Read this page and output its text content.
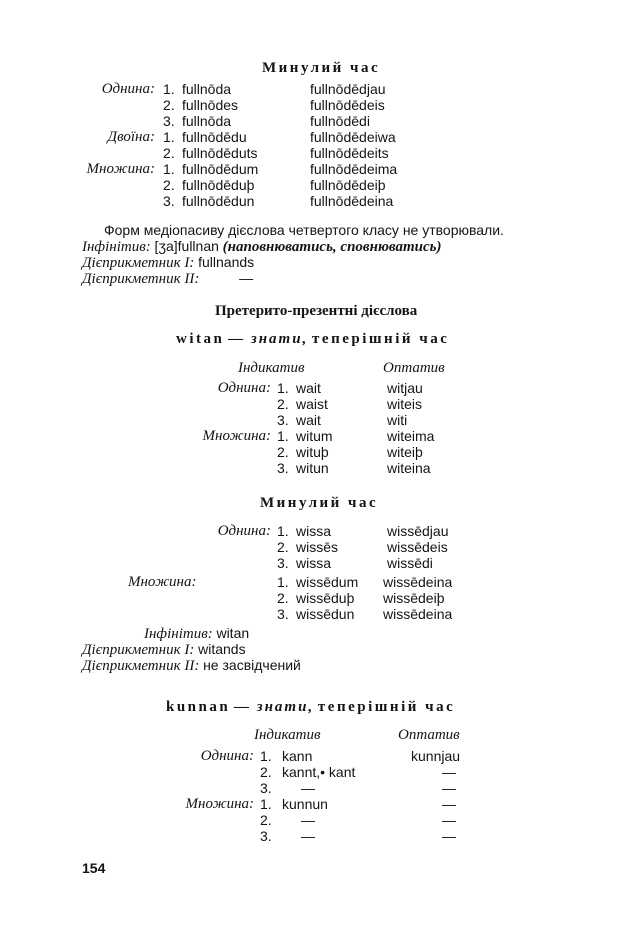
Минулий час
Однина: 1. fullnōda	fullnōdēdjau
2. fullnōdes	fullnōdēdeis
3. fullnōda	fullnōdēdi
Двоїна: 1. fullnōdēdu	fullnōdēdeiwa
2. fullnōdēduts	fullnōdēdeits
Множина: 1. fullnōdēdum	fullnōdēdeima
2. fullnōdēduþ	fullnōdēdeiþ
3. fullnōdēdun	fullnōdēdeina
Форм медіопасиву дієслова четвертого класу не утворювали.
Інфінітив: [ʒa]fullnan (наповнюватись, сповнюватись)
Дієприкметник І: fullnands
Дієприкметник II:	—
Претерито-презентні дієслова
witan — знати, теперішній час
Індикатив	Оптатив
Однина: 1. wait	witjau
2. waist	witeis
3. wait	witi
Множина: 1. witum	witeima
2. wituþ	witeiþ
3. witun	witeina
Минулий час
Однина: 1. wissa	wissēdjau
2. wissēs	wissēdeis
3. wissa	wissēdi
Множина:	1. wissēdum wissēdeina
2. wissēduþ wissēdeiþ
3. wissēdun wissēdeina
Інфінітив: witan
Дієприкметник І: witands
Дієприкметник II: не засвідчений
kunnan — знати, теперішній час
Індикатив	Оптатив
Однина: 1. kann	kunnjau
2. kannt,• kant	—
3.	—	—
Множина: 1. kunnun	—
2.	—	—
3.	—	—
154
